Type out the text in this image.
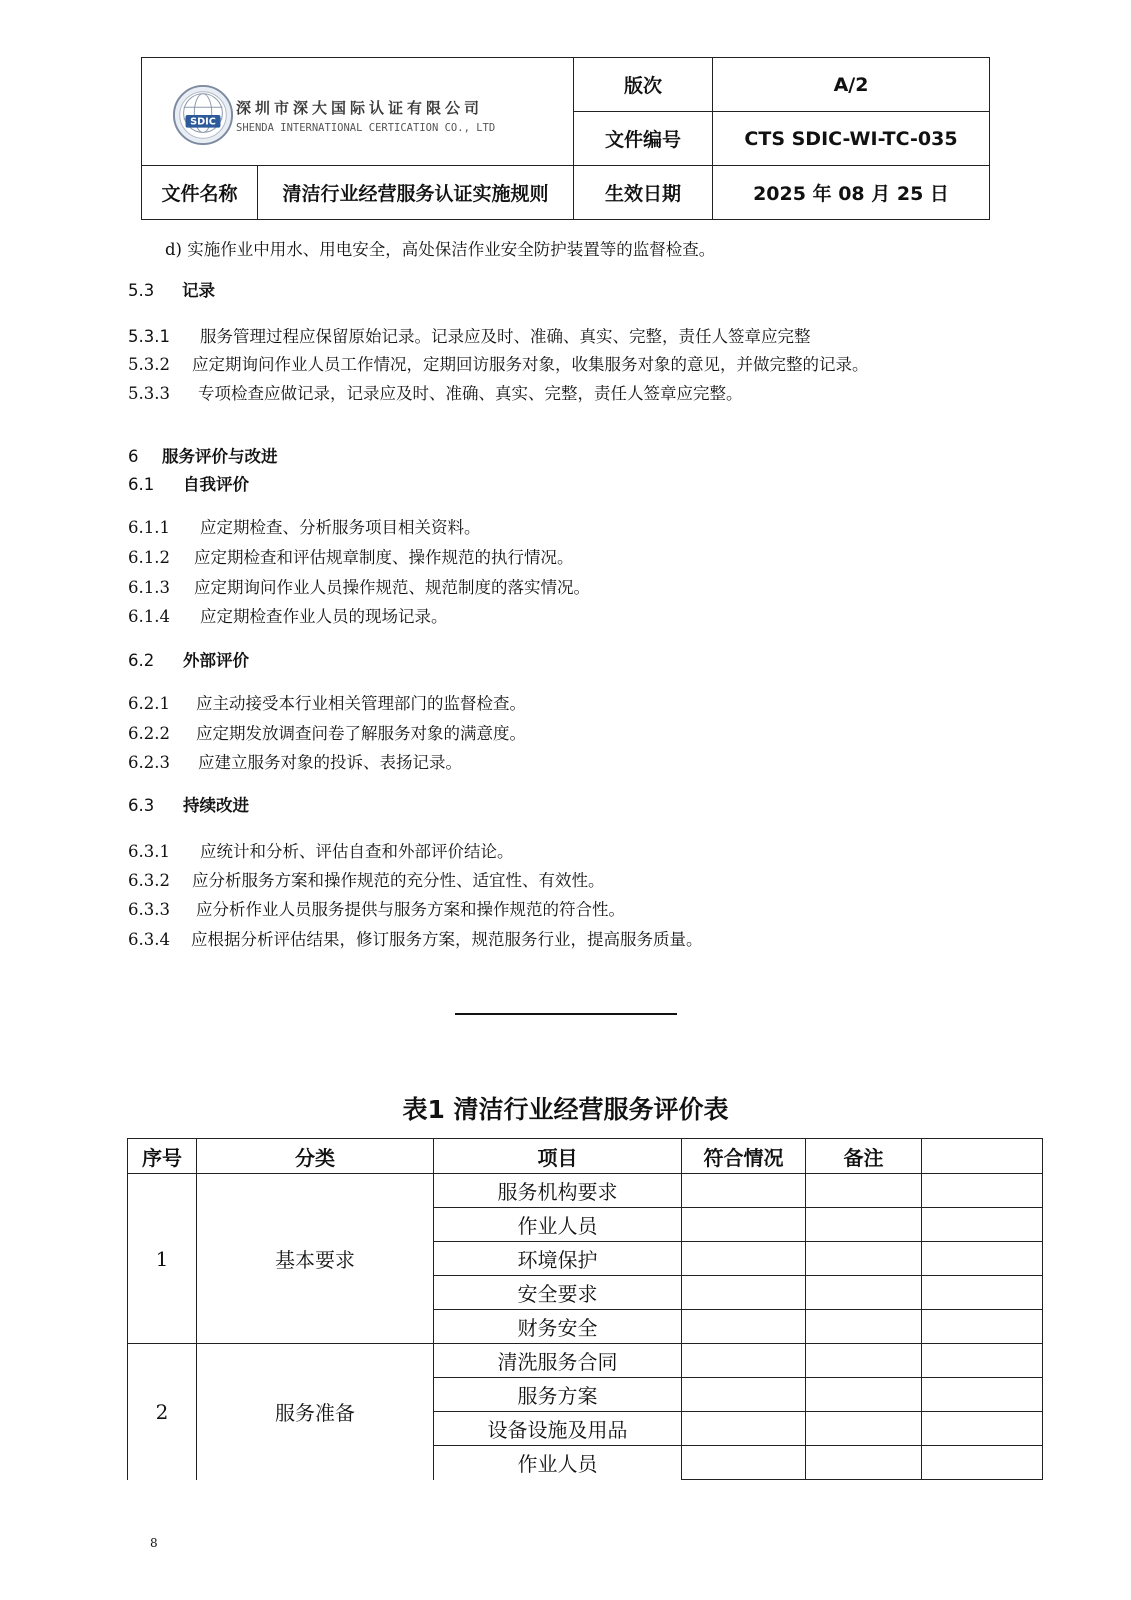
SDIC
深圳市深大国际认证有限公司
SHENDA INTERNATIONAL CERTICATION CO., LTD		版次	A/2
		文件编号	CTS SDIC-WI-TC-035
文件名称	清洁行业经营服务认证实施规则	生效日期	2025 年 08 月 25 日
d) 实施作业中用水、用电安全，高处保洁作业安全防护装置等的监督检查。
5.3 记录
5.3.1 服务管理过程应保留原始记录。记录应及时、准确、真实、完整，责任人签章应完整
5.3.2 应定期询问作业人员工作情况，定期回访服务对象，收集服务对象的意见，并做完整的记录。
5.3.3 专项检查应做记录，记录应及时、准确、真实、完整，责任人签章应完整。
6 服务评价与改进
6.1 自我评价
6.1.1 应定期检查、分析服务项目相关资料。
6.1.2 应定期检查和评估规章制度、操作规范的执行情况。
6.1.3 应定期询问作业人员操作规范、规范制度的落实情况。
6.1.4 应定期检查作业人员的现场记录。
6.2 外部评价
6.2.1 应主动接受本行业相关管理部门的监督检查。
6.2.2 应定期发放调查问卷了解服务对象的满意度。
6.2.3 应建立服务对象的投诉、表扬记录。
6.3 持续改进
6.3.1 应统计和分析、评估自查和外部评价结论。
6.3.2 应分析服务方案和操作规范的充分性、适宜性、有效性。
6.3.3 应分析作业人员服务提供与服务方案和操作规范的符合性。
6.3.4 应根据分析评估结果，修订服务方案，规范服务行业，提高服务质量。
表1 清洁行业经营服务评价表
序号	分类	项目	符合情况	备注	
1	基本要求	服务机构要求			
		作业人员			
		环境保护			
		安全要求			
		财务安全			
2	服务准备	清洗服务合同			
		服务方案			
		设备设施及用品			
		作业人员			
8
